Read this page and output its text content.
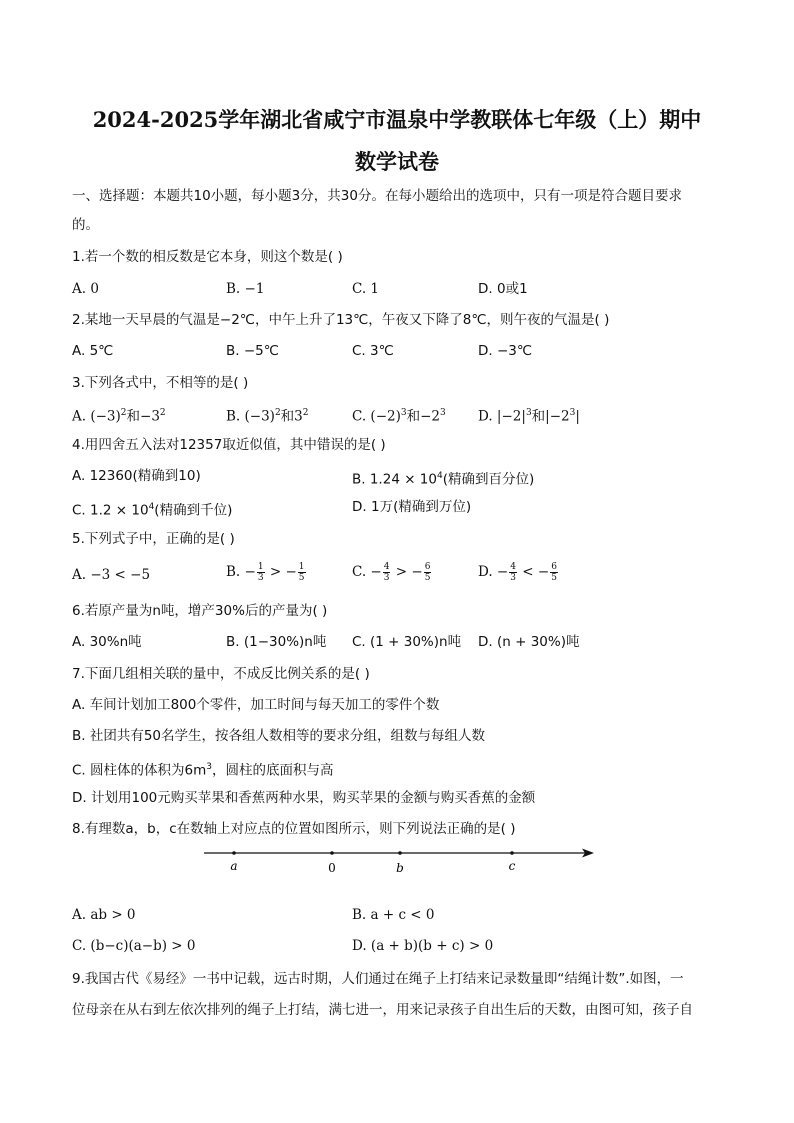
2024-2025学年湖北省咸宁市温泉中学教联体七年级（上）期中
数学试卷
一、选择题：本题共10小题，每小题3分，共30分。在每小题给出的选项中，只有一项是符合题目要求
的。
1.若一个数的相反数是它本身，则这个数是( )
A. 0	B. −1	C. 1	D. 0或1
2.某地一天早晨的气温是−2℃，中午上升了13℃，午夜又下降了8℃，则午夜的气温是( )
A. 5℃	B. −5℃	C. 3℃	D. −3℃
3.下列各式中，不相等的是( )
A. $(-3)^2$和$-3^2$	B. $(-3)^2$和$3^2$	C. $(-2)^3$和$-2^3$ D. $|-2|^3$和$|-2^3|$
4.用四舍五入法对12357取近似值，其中错误的是( )
A. 12360(精确到10)	B. $1.24 \times 10^4$(精确到百分位)
C. $1.2 \times 10^4$(精确到千位)	D. 1万(精确到万位)
5.下列式子中，正确的是( )
A. −3 < −5	B. − $\frac{1}{3}$ > − $\frac{1}{5}$	C. − $\frac{4}{3}$ > − $\frac{6}{5}$	D. − $\frac{4}{3}$ < − $\frac{6}{5}$
6.若原产量为n吨，增产30%后的产量为( )
A. 30%n吨	B. (1−30%)n吨 C. (1 + 30%)n吨 D. (n + 30%)吨
7.下面几组相关联的量中，不成反比例关系的是( )
A. 车间计划加工800个零件，加工时间与每天加工的零件个数
B. 社团共有50名学生，按各组人数相等的要求分组，组数与每组人数
C. 圆柱体的体积为$6m^3$，圆柱的底面积与高
D. 计划用100元购买苹果和香蕉两种水果，购买苹果的金额与购买香蕉的金额
8.有理数a，b，c在数轴上对应点的位置如图所示，则下列说法正确的是( )
a	0	b	c
A. ab > 0	B. a + c < 0
C. (b−c)(a−b) > 0	D. (a + b)(b + c) > 0
9.我国古代《易经》一书中记载，远古时期，人们通过在绳子上打结来记录数量即“结绳计数”.如图，一
位母亲在从右到左依次排列的绳子上打结，满七进一，用来记录孩子自出生后的天数，由图可知，孩子自
